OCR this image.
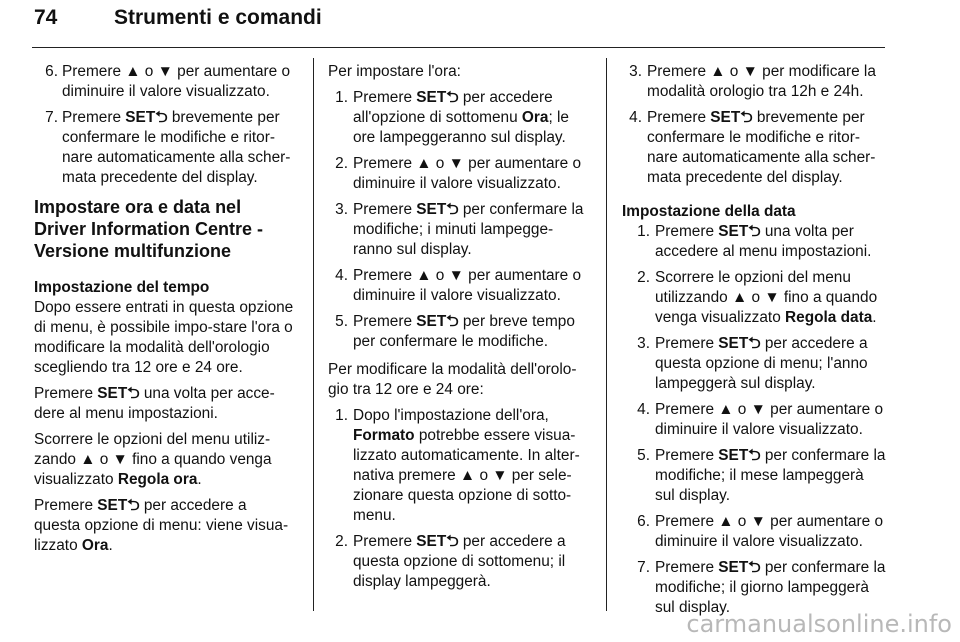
74	Strumenti e comandi
6. Premere ▲ o ▼ per aumentare o diminuire il valore visualizzato.
7. Premere SET⮌ brevemente per confermare le modifiche e ritor-nare automaticamente alla scher-mata precedente del display.
Impostare ora e data nel Driver Information Centre - Versione multifunzione
Impostazione del tempo

Dopo essere entrati in questa opzione di menu, è possibile impo-stare l'ora o modificare la modalità dell'orologio scegliendo tra 12 ore e 24 ore.

Premere SET⮌ una volta per acce-dere al menu impostazioni.

Scorrere le opzioni del menu utiliz-zando ▲ o ▼ fino a quando venga visualizzato Regola ora.

Premere SET⮌ per accedere a questa opzione di menu: viene visua-lizzato Ora.

Per impostare l'ora:

1. Premere SET⮌ per accedere all'opzione di sottomenu Ora; le ore lampeggeranno sul display.
2. Premere ▲ o ▼ per aumentare o diminuire il valore visualizzato.
3. Premere SET⮌ per confermare la modifiche; i minuti lampegge-ranno sul display.
4. Premere ▲ o ▼ per aumentare o diminuire il valore visualizzato.
5. Premere SET⮌ per breve tempo per confermare le modifiche.

Per modificare la modalità dell'orolo-gio tra 12 ore e 24 ore:

1. Dopo l'impostazione dell'ora, Formato potrebbe essere visua-lizzato automaticamente. In alter-nativa premere ▲ o ▼ per sele-zionare questa opzione di sotto-menu.
2. Premere SET⮌ per accedere a questa opzione di sottomenu; il display lampeggerà.
3. Premere ▲ o ▼ per modificare la modalità orologio tra 12h e 24h.
4. Premere SET⮌ brevemente per confermare le modifiche e ritor-nare automaticamente alla scher-mata precedente del display.
Impostazione della data
1. Premere SET⮌ una volta per accedere al menu impostazioni.
2. Scorrere le opzioni del menu utilizzando ▲ o ▼ fino a quando venga visualizzato Regola data.
3. Premere SET⮌ per accedere a questa opzione di menu; l'anno lampeggerà sul display.
4. Premere ▲ o ▼ per aumentare o diminuire il valore visualizzato.
5. Premere SET⮌ per confermare la modifiche; il mese lampeggerà sul display.
6. Premere ▲ o ▼ per aumentare o diminuire il valore visualizzato.
7. Premere SET⮌ per confermare la modifiche; il giorno lampeggerà sul display.
carmanualsonline.info
